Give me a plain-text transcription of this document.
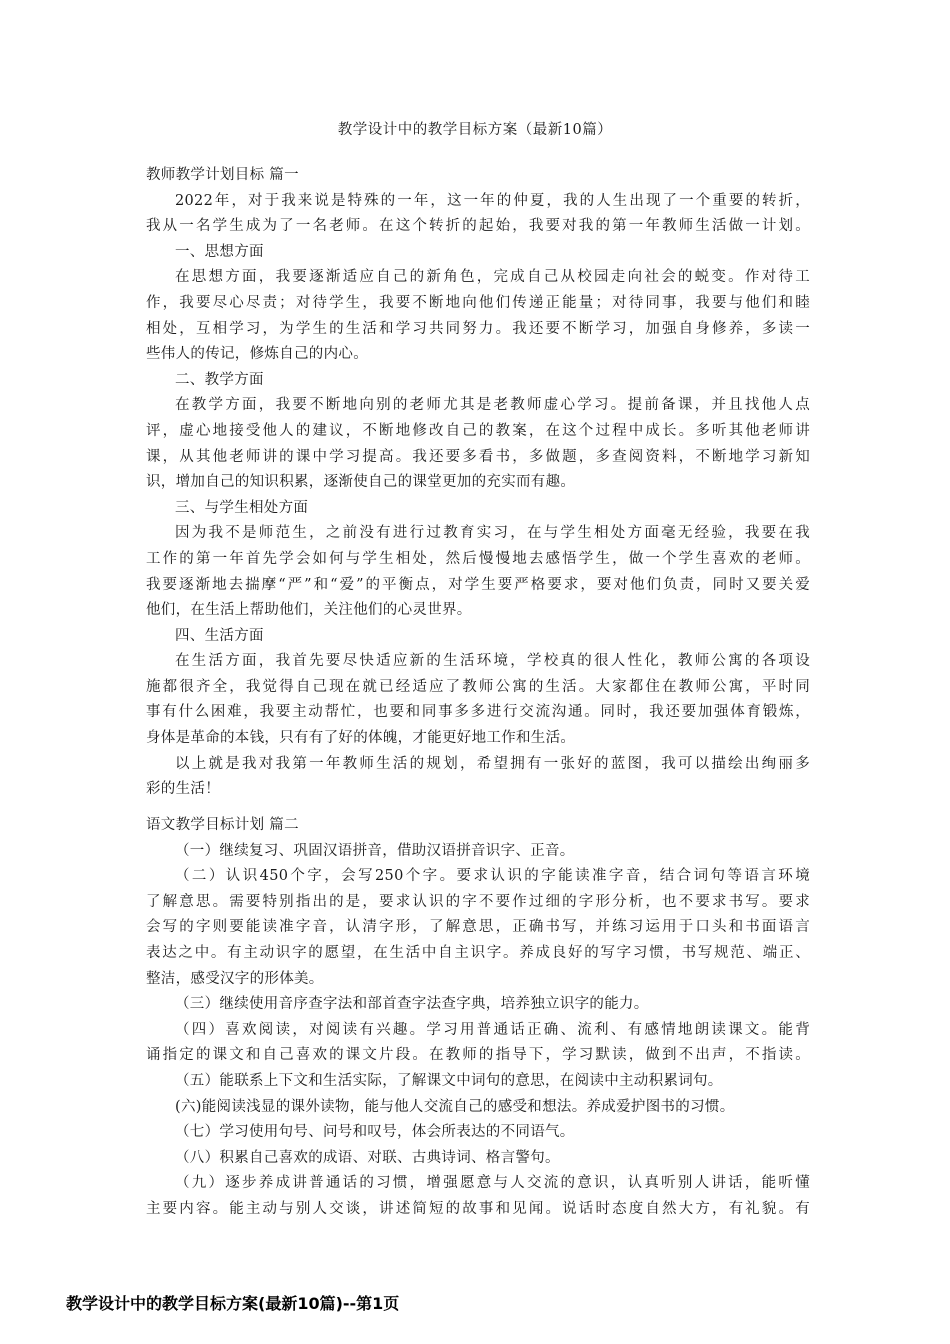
教学设计中的教学目标方案（最新10篇）
教师教学计划目标 篇一
2022年，对于我来说是特殊的一年，这一年的仲夏，我的人生出现了一个重要的转折，
我从一名学生成为了一名老师。在这个转折的起始，我要对我的第一年教师生活做一计划。
一、思想方面
在思想方面，我要逐渐适应自己的新角色，完成自己从校园走向社会的蜕变。作对待工
作，我要尽心尽责；对待学生，我要不断地向他们传递正能量；对待同事，我要与他们和睦
相处，互相学习，为学生的生活和学习共同努力。我还要不断学习，加强自身修养，多读一
些伟人的传记，修炼自己的内心。
二、教学方面
在教学方面，我要不断地向别的老师尤其是老教师虚心学习。提前备课，并且找他人点
评，虚心地接受他人的建议，不断地修改自己的教案，在这个过程中成长。多听其他老师讲
课，从其他老师讲的课中学习提高。我还要多看书，多做题，多查阅资料，不断地学习新知
识，增加自己的知识积累，逐渐使自己的课堂更加的充实而有趣。
三、与学生相处方面
因为我不是师范生，之前没有进行过教育实习，在与学生相处方面毫无经验，我要在我
工作的第一年首先学会如何与学生相处，然后慢慢地去感悟学生，做一个学生喜欢的老师。
我要逐渐地去揣摩“严”和“爱”的平衡点，对学生要严格要求，要对他们负责，同时又要关爱
他们，在生活上帮助他们，关注他们的心灵世界。
四、生活方面
在生活方面，我首先要尽快适应新的生活环境，学校真的很人性化，教师公寓的各项设
施都很齐全，我觉得自己现在就已经适应了教师公寓的生活。大家都住在教师公寓，平时同
事有什么困难，我要主动帮忙，也要和同事多多进行交流沟通。同时，我还要加强体育锻炼，
身体是革命的本钱，只有有了好的体魄，才能更好地工作和生活。
以上就是我对我第一年教师生活的规划，希望拥有一张好的蓝图，我可以描绘出绚丽多
彩的生活！
语文教学目标计划 篇二
（一）继续复习、巩固汉语拼音，借助汉语拼音识字、正音。
（二）认识450个字，会写250个字。要求认识的字能读准字音，结合词句等语言环境
了解意思。需要特别指出的是，要求认识的字不要作过细的字形分析，也不要求书写。要求
会写的字则要能读准字音，认清字形，了解意思，正确书写，并练习运用于口头和书面语言
表达之中。有主动识字的愿望，在生活中自主识字。养成良好的写字习惯，书写规范、端正、
整洁，感受汉字的形体美。
（三）继续使用音序查字法和部首查字法查字典，培养独立识字的能力。
（四）喜欢阅读，对阅读有兴趣。学习用普通话正确、流利、有感情地朗读课文。能背
诵指定的课文和自己喜欢的课文片段。在教师的指导下，学习默读，做到不出声，不指读。
（五）能联系上下文和生活实际，了解课文中词句的意思，在阅读中主动积累词句。
(六)能阅读浅显的课外读物，能与他人交流自己的感受和想法。养成爱护图书的习惯。
（七）学习使用句号、问号和叹号，体会所表达的不同语气。
（八）积累自己喜欢的成语、对联、古典诗词、格言警句。
（九）逐步养成讲普通话的习惯，增强愿意与人交流的意识，认真听别人讲话，能听懂
主要内容。能主动与别人交谈，讲述简短的故事和见闻。说话时态度自然大方，有礼貌。有
教学设计中的教学目标方案(最新10篇)--第1页
